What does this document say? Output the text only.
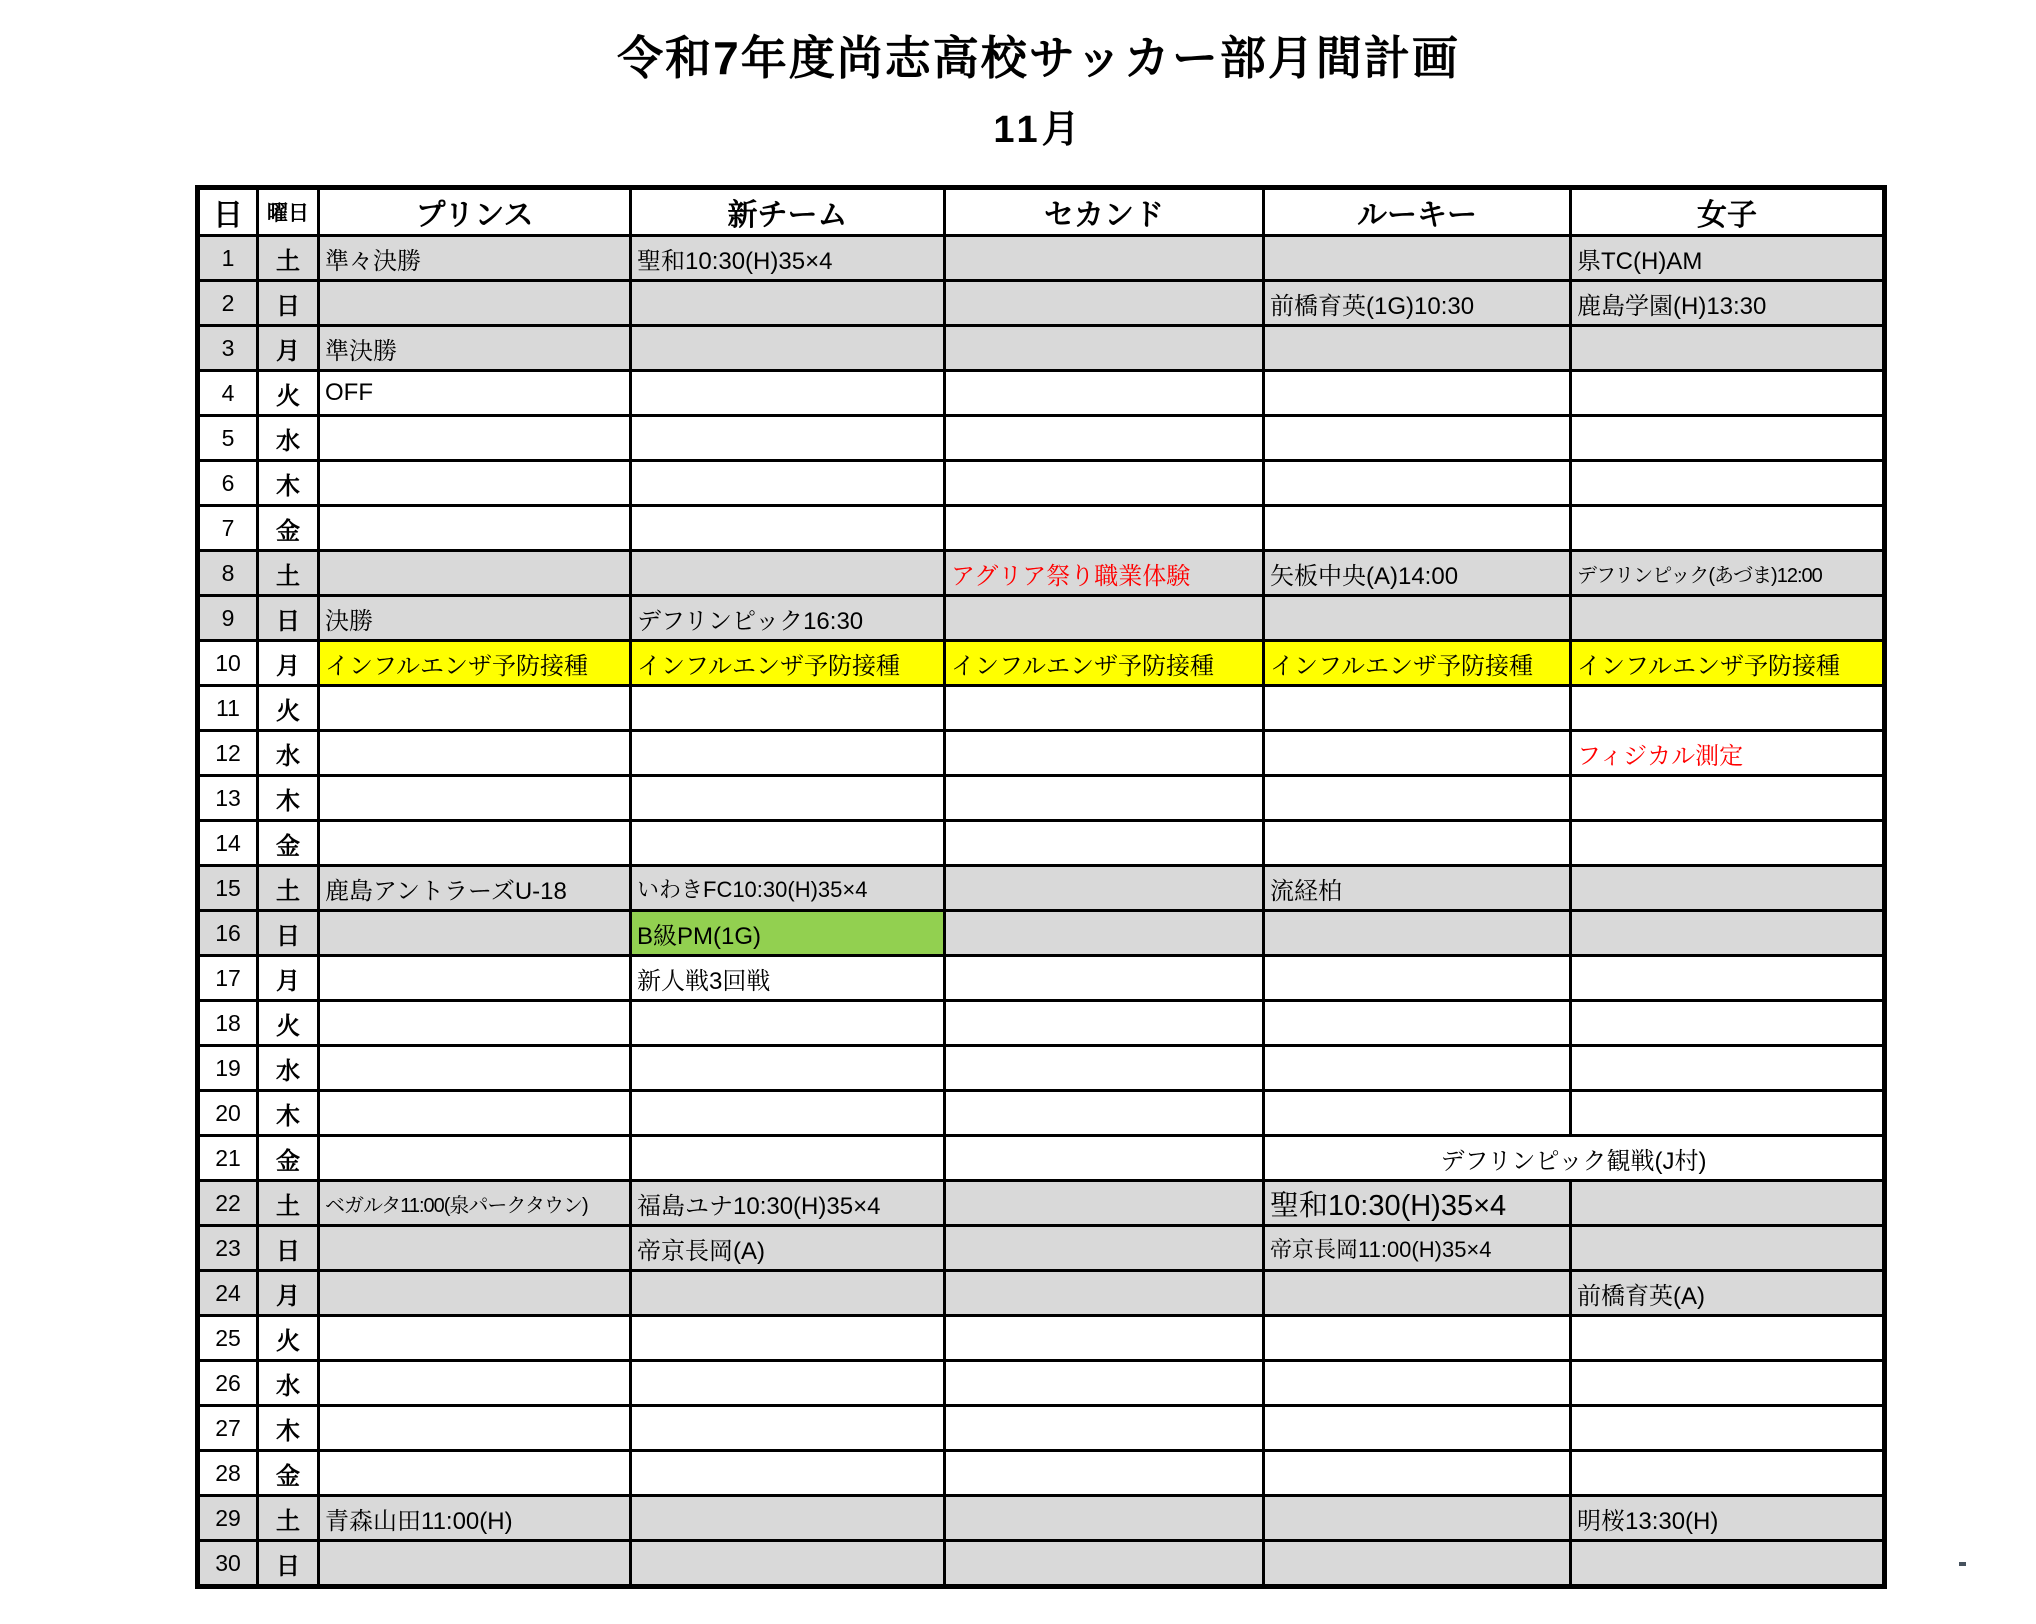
令和7年度尚志高校サッカー部月間計画
11月
日	曜日	プリンス	新チーム	セカンド	ルーキー	女子
1	土	準々決勝	聖和10:30(H)35×4			県TC(H)AM
2	日				前橋育英(1G)10:30	鹿島学園(H)13:30
3	月	準決勝				
4	火	OFF				
5	水					
6	木					
7	金					
8	土			アグリア祭り職業体験	矢板中央(A)14:00	デフリンピック(あづま)12:00
9	日	決勝	デフリンピック16:30			
10	月	インフルエンザ予防接種	インフルエンザ予防接種	インフルエンザ予防接種	インフルエンザ予防接種	インフルエンザ予防接種
11	火					
12	水					フィジカル測定
13	木					
14	金					
15	土	鹿島アントラーズU-18	いわきFC10:30(H)35×4		流経柏	
16	日		B級PM(1G)			
17	月		新人戦3回戦			
18	火					
19	水					
20	木					
21	金				デフリンピック観戦(J村)	
22	土	ベガルタ11:00(泉パークタウン)	福島ユナ10:30(H)35×4		聖和10:30(H)35×4	
23	日		帝京長岡(A)		帝京長岡11:00(H)35×4	
24	月					前橋育英(A)
25	火					
26	水					
27	木					
28	金					
29	土	青森山田11:00(H)				明桜13:30(H)
30	日					
